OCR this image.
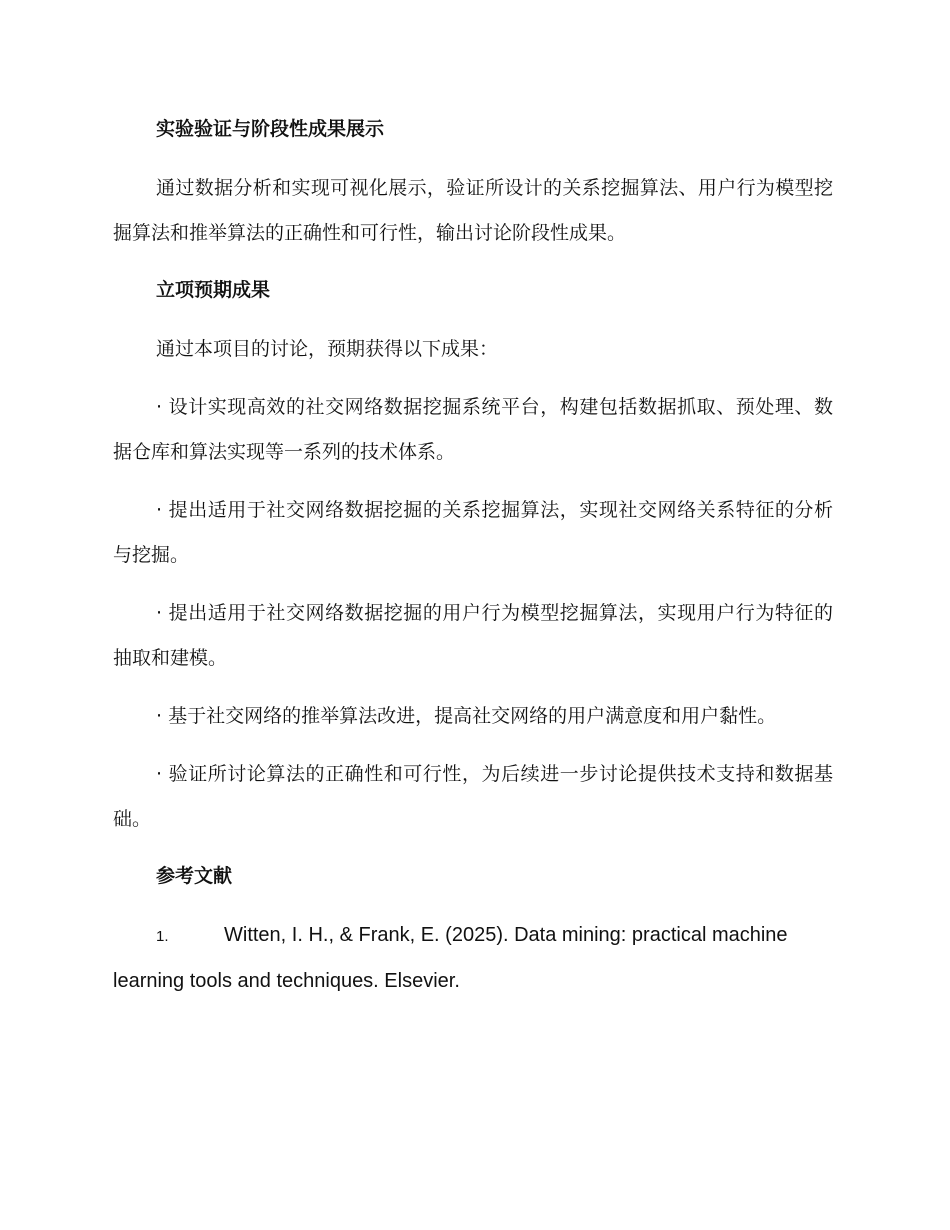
实验验证与阶段性成果展示

通过数据分析和实现可视化展示，验证所设计的关系挖掘算法、用户行为模型挖掘算法和推举算法的正确性和可行性，输出讨论阶段性成果。

立项预期成果

通过本项目的讨论，预期获得以下成果：

· 设计实现高效的社交网络数据挖掘系统平台，构建包括数据抓取、预处理、数据仓库和算法实现等一系列的技术体系。

· 提出适用于社交网络数据挖掘的关系挖掘算法，实现社交网络关系特征的分析与挖掘。

· 提出适用于社交网络数据挖掘的用户行为模型挖掘算法，实现用户行为特征的抽取和建模。

· 基于社交网络的推举算法改进，提高社交网络的用户满意度和用户黏性。

· 验证所讨论算法的正确性和可行性，为后续进一步讨论提供技术支持和数据基础。

参考文献

1.	Witten, I. H., & Frank, E. (2025). Data mining: practical machine learning tools and techniques. Elsevier.
